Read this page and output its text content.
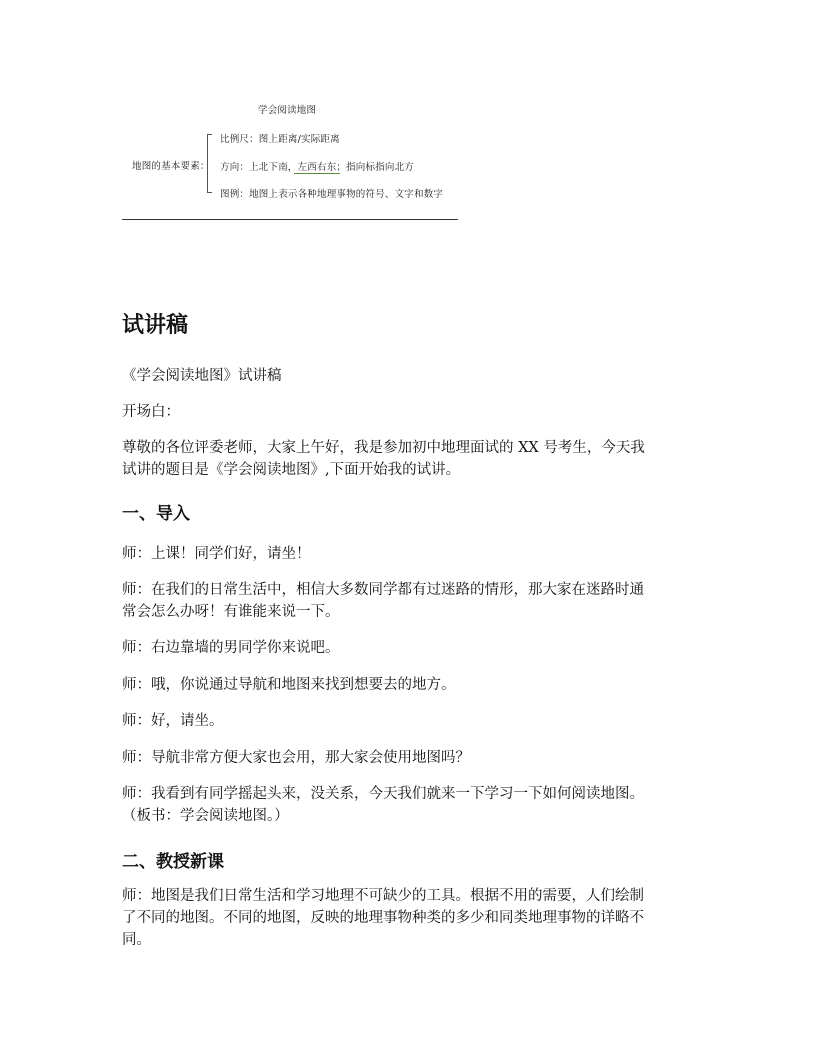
学会阅读地图
地图的基本要素：
比例尺：图上距离/实际距离
方向：上北下南，左西右东；指向标指向北方
图例：地图上表示各种地理事物的符号、文字和数字
试讲稿
《学会阅读地图》试讲稿
开场白：
尊敬的各位评委老师，大家上午好，我是参加初中地理面试的 XX 号考生，今天我
试讲的题目是《学会阅读地图》,下面开始我的试讲。
一、导入
师：上课！同学们好，请坐！
师：在我们的日常生活中，相信大多数同学都有过迷路的情形，那大家在迷路时通
常会怎么办呀！有谁能来说一下。
师：右边靠墙的男同学你来说吧。
师：哦，你说通过导航和地图来找到想要去的地方。
师：好，请坐。
师：导航非常方便大家也会用，那大家会使用地图吗？
师：我看到有同学摇起头来，没关系，今天我们就来一下学习一下如何阅读地图。
（板书：学会阅读地图。）
二、教授新课
师：地图是我们日常生活和学习地理不可缺少的工具。根据不用的需要，人们绘制
了不同的地图。不同的地图，反映的地理事物种类的多少和同类地理事物的详略不
同。
